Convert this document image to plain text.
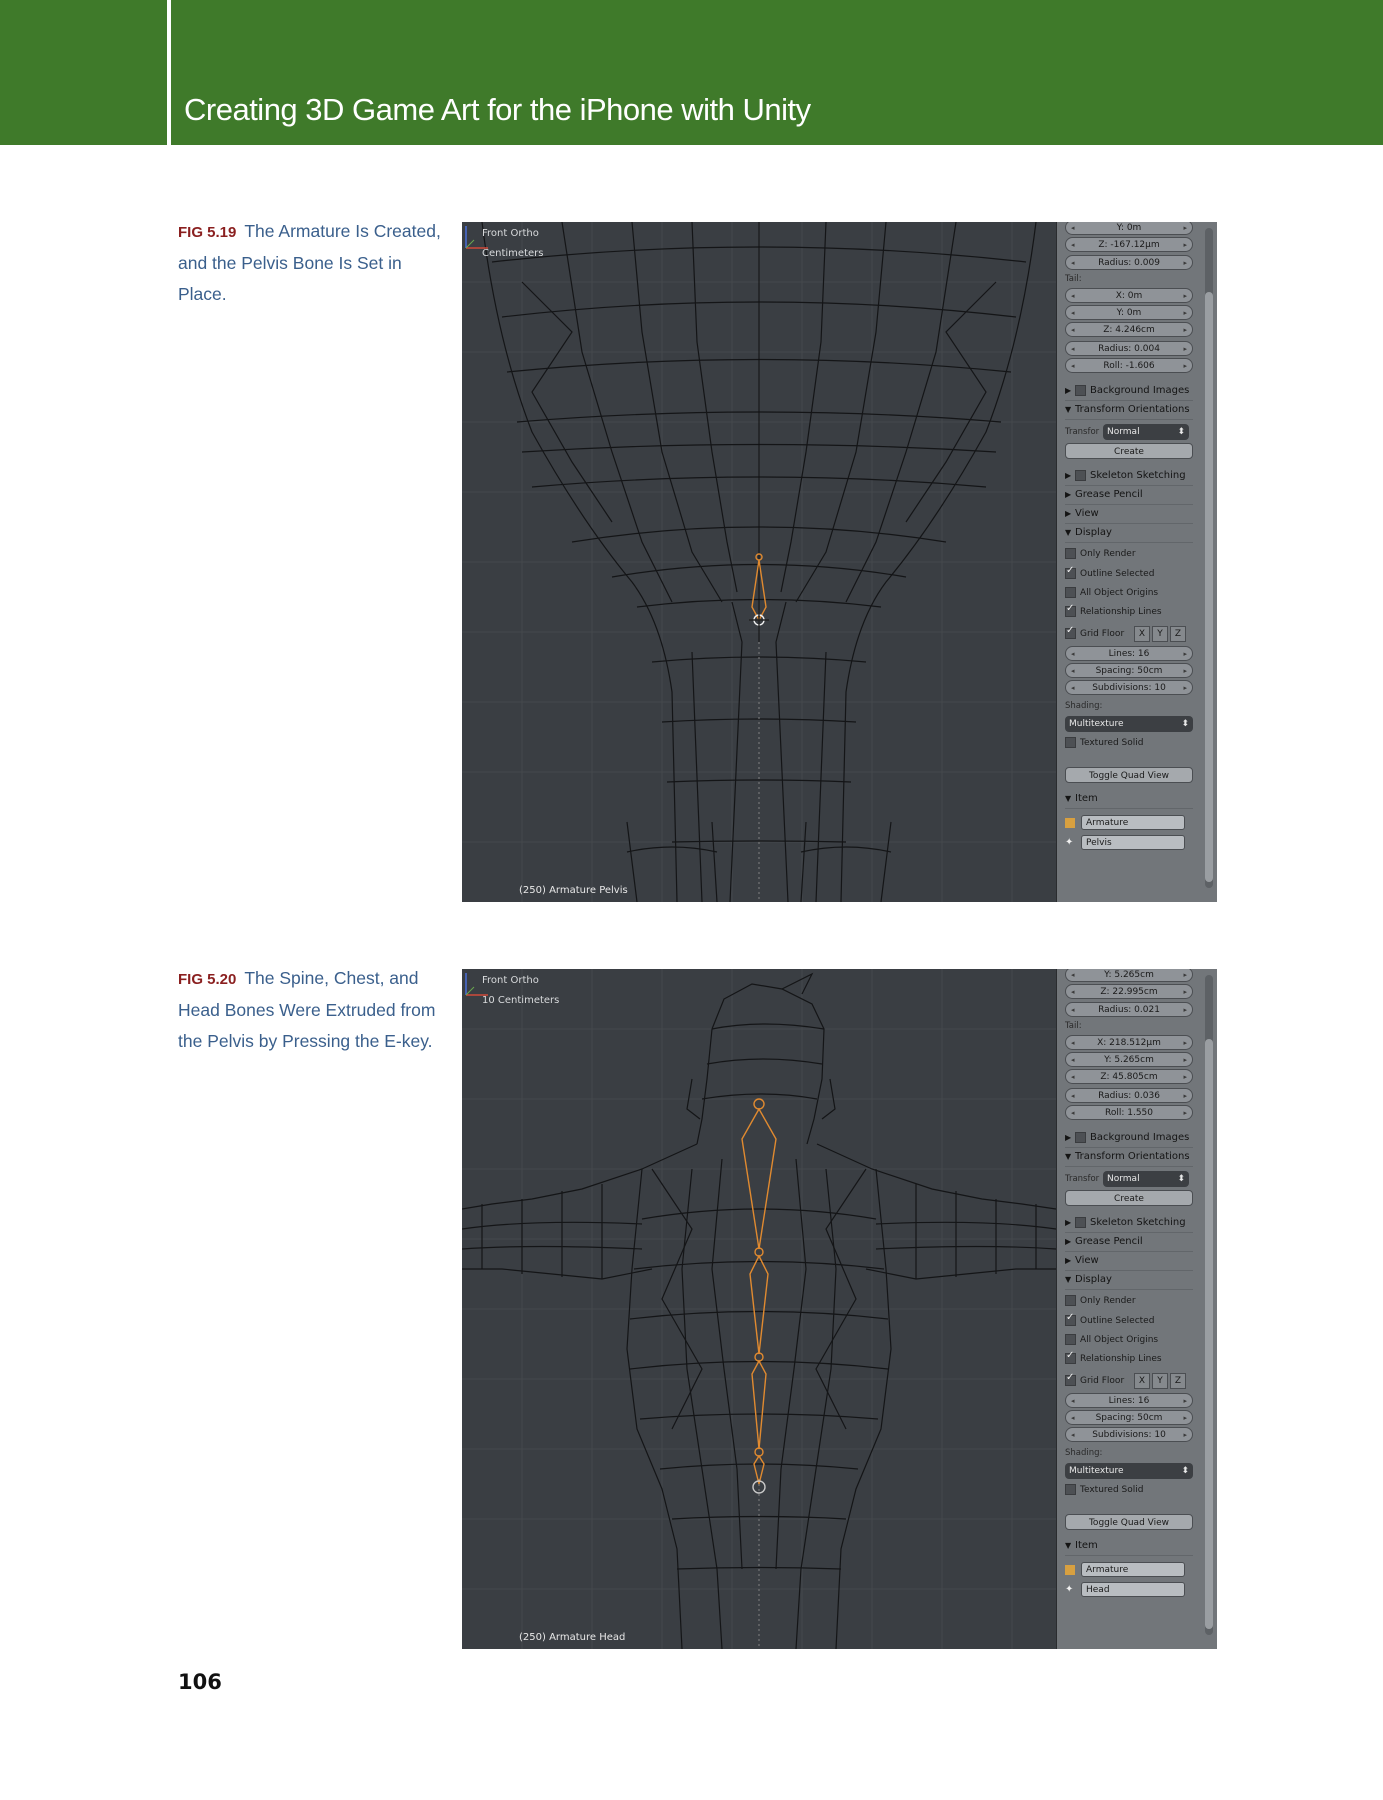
Creating 3D Game Art for the iPhone with Unity
FIG 5.19 The Armature Is Created, and the Pelvis Bone Is Set in Place.
Front Ortho
Centimeters
(250) Armature Pelvis
◂	Y: 0m	▸
◂	Z: -167.12µm	▸
◂	Radius: 0.009	▸
Tail:
◂	X: 0m	▸
◂	Y: 0m	▸
◂	Z: 4.246cm	▸
◂	Radius: 0.004	▸
◂	Roll: -1.606	▸
▶ Background Images
▼ Transform Orientations
Transfor Normal ⬍
Create
▶ Skeleton Sketching
▶ Grease Pencil
▶ View
▼ Display
Only Render
✓Outline Selected
All Object Origins
✓Relationship Lines
✓Grid Floor X Y Z
◂	Lines: 16	▸
◂ Spacing: 50cm	▸
◂ Subdivisions: 10	▸
Shading:
Multitexture ⬍
Textured Solid
Toggle Quad View
▼ Item
Armature
✦ Pelvis
FIG 5.20 The Spine, Chest, and Head Bones Were Extruded from the Pelvis by Pressing the E-key.
Front Ortho
10 Centimeters
(250) Armature Head
◂	Y: 5.265cm	▸
◂	Z: 22.995cm	▸
◂	Radius: 0.021	▸
Tail:
◂	X: 218.512µm	▸
◂	Y: 5.265cm	▸
◂	Z: 45.805cm	▸
◂	Radius: 0.036	▸
◂	Roll: 1.550	▸
▶ Background Images
▼ Transform Orientations
Transfor Normal ⬍
Create
▶ Skeleton Sketching
▶ Grease Pencil
▶ View
▼ Display
Only Render
✓Outline Selected
All Object Origins
✓Relationship Lines
✓Grid Floor X Y Z
◂	Lines: 16	▸
◂ Spacing: 50cm	▸
◂ Subdivisions: 10	▸
Shading:
Multitexture ⬍
Textured Solid
Toggle Quad View
▼ Item
Armature
✦ Head
106
